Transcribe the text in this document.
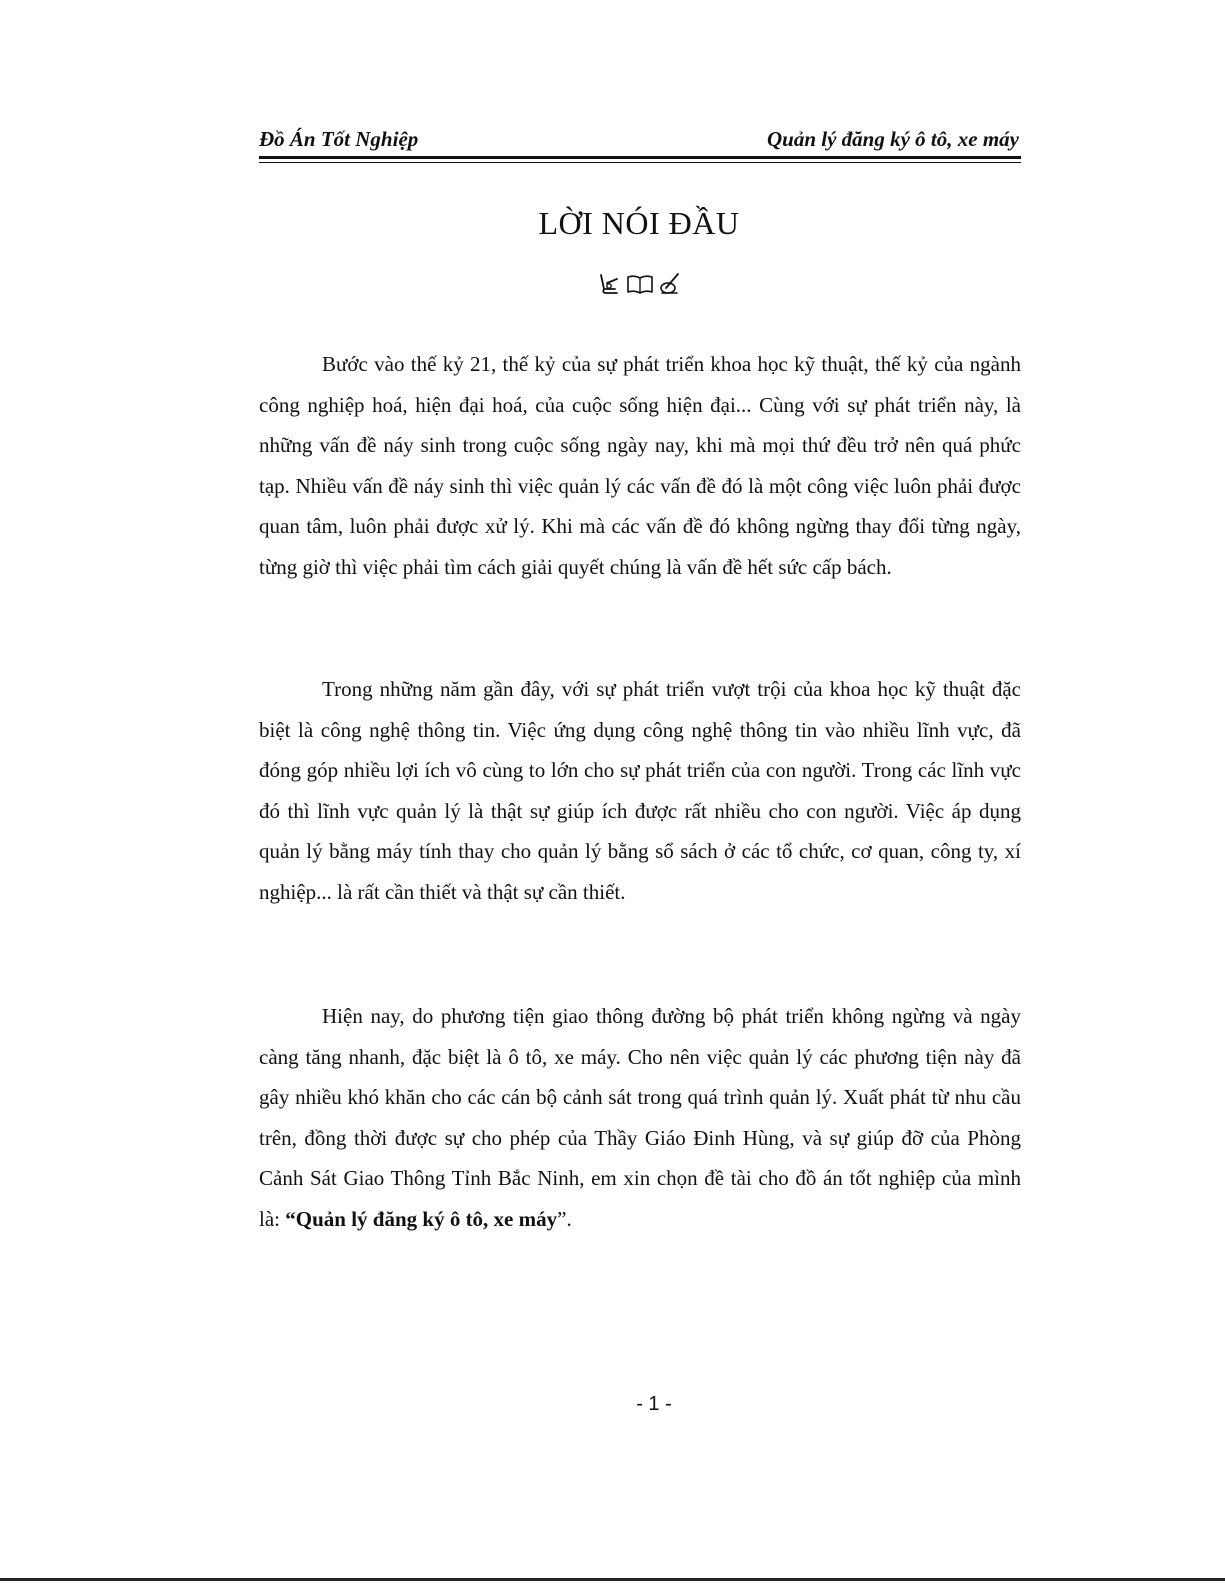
Đồ Án Tốt Nghiệp	Quản lý đăng ký ô tô, xe máy
LỜI NÓI ĐẦU

Bước vào thế kỷ 21, thế kỷ của sự phát triển khoa học kỹ thuật, thế kỷ của ngành công nghiệp hoá, hiện đại hoá, của cuộc sống hiện đại... Cùng với sự phát triển này, là những vấn đề náy sinh trong cuộc sống ngày nay, khi mà mọi thứ đều trở nên quá phức tạp. Nhiều vấn đề náy sinh thì việc quản lý các vấn đề đó là một công việc luôn phải được quan tâm, luôn phải được xử lý. Khi mà các vấn đề đó không ngừng thay đổi từng ngày, từng giờ thì việc phải tìm cách giải quyết chúng là vấn đề hết sức cấp bách.

Trong những năm gần đây, với sự phát triển vượt trội của khoa học kỹ thuật đặc biệt là công nghệ thông tin. Việc ứng dụng công nghệ thông tin vào nhiều lĩnh vực, đã đóng góp nhiều lợi ích vô cùng to lớn cho sự phát triển của con người. Trong các lĩnh vực đó thì lĩnh vực quản lý là thật sự giúp ích được rất nhiều cho con người. Việc áp dụng quản lý bằng máy tính thay cho quản lý bằng sổ sách ở các tổ chức, cơ quan, công ty, xí nghiệp... là rất cần thiết và thật sự cần thiết.

Hiện nay, do phương tiện giao thông đường bộ phát triển không ngừng và ngày càng tăng nhanh, đặc biệt là ô tô, xe máy. Cho nên việc quản lý các phương tiện này đã gây nhiều khó khăn cho các cán bộ cảnh sát trong quá trình quản lý. Xuất phát từ nhu cầu trên, đồng thời được sự cho phép của Thầy Giáo Đinh Hùng, và sự giúp đỡ của Phòng Cảnh Sát Giao Thông Tỉnh Bắc Ninh, em xin chọn đề tài cho đồ án tốt nghiệp của mình là: “Quản lý đăng ký ô tô, xe máy”.

- 1 -
